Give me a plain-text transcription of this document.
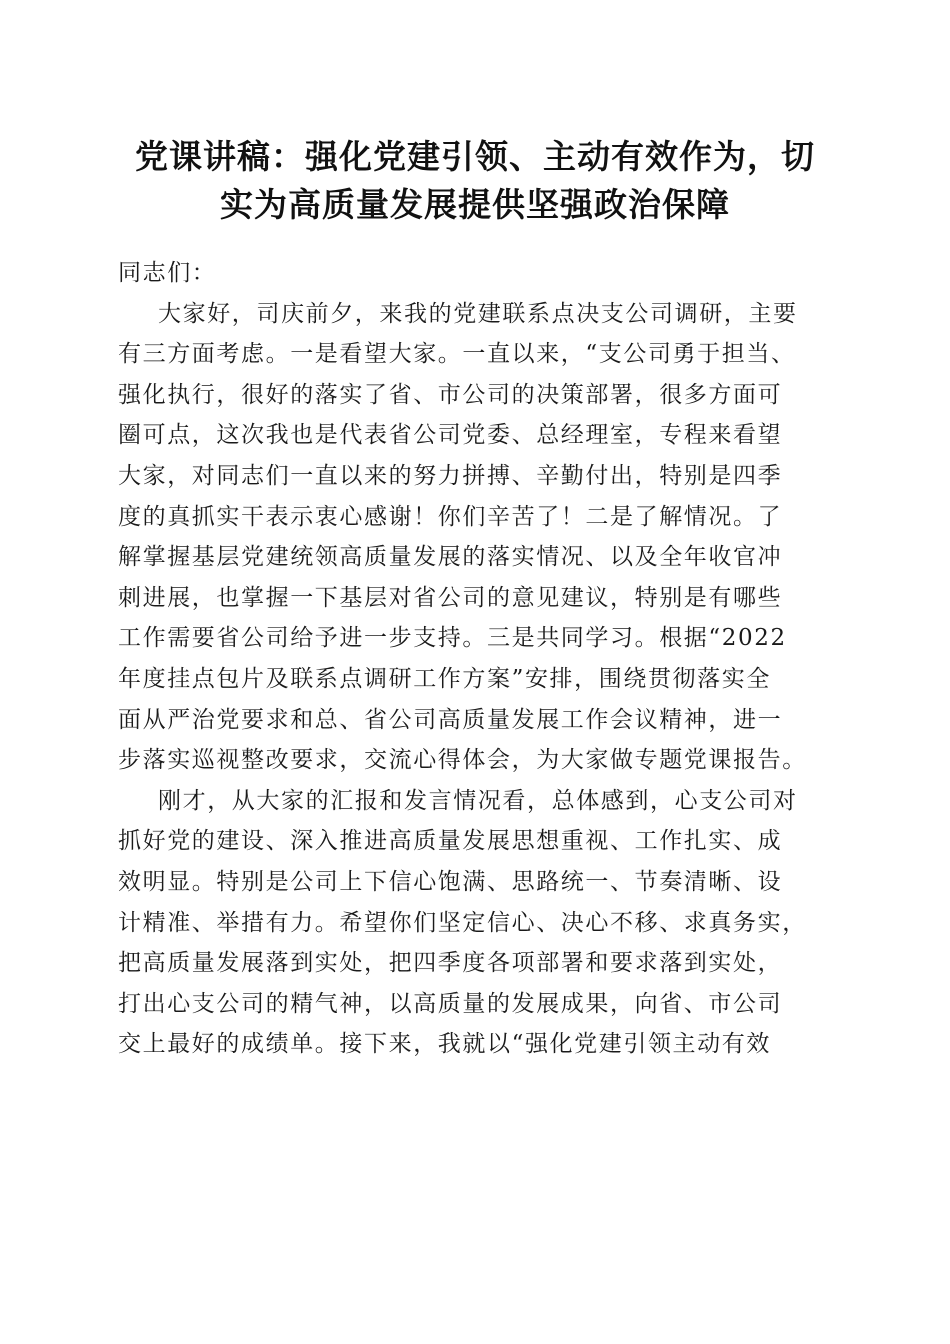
党课讲稿：强化党建引领、主动有效作为，切
实为高质量发展提供坚强政治保障
同志们：
大家好，司庆前夕，来我的党建联系点决支公司调研，主要
有三方面考虑。一是看望大家。一直以来，“支公司勇于担当、
强化执行，很好的落实了省、市公司的决策部署，很多方面可
圈可点，这次我也是代表省公司党委、总经理室，专程来看望
大家，对同志们一直以来的努力拼搏、辛勤付出，特别是四季
度的真抓实干表示衷心感谢！你们辛苦了！二是了解情况。了
解掌握基层党建统领高质量发展的落实情况、以及全年收官冲
刺进展，也掌握一下基层对省公司的意见建议，特别是有哪些
工作需要省公司给予进一步支持。三是共同学习。根据“2022
年度挂点包片及联系点调研工作方案”安排，围绕贯彻落实全
面从严治党要求和总、省公司高质量发展工作会议精神，进一
步落实巡视整改要求，交流心得体会，为大家做专题党课报告。
刚才，从大家的汇报和发言情况看，总体感到，心支公司对
抓好党的建设、深入推进高质量发展思想重视、工作扎实、成
效明显。特别是公司上下信心饱满、思路统一、节奏清晰、设
计精准、举措有力。希望你们坚定信心、决心不移、求真务实，
把高质量发展落到实处，把四季度各项部署和要求落到实处，
打出心支公司的精气神，以高质量的发展成果，向省、市公司
交上最好的成绩单。接下来，我就以“强化党建引领主动有效
